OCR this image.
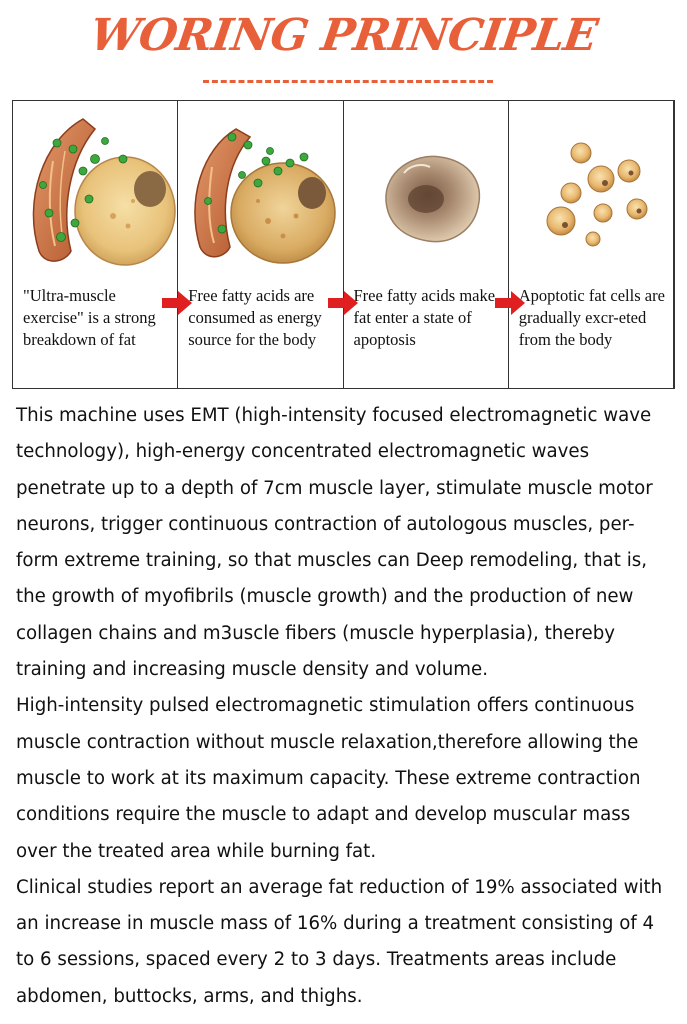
WORING PRINCIPLE
"Ultra-muscle exercise" is a strong breakdown of fat
Free fatty acids are consumed as energy source for the body
Free fatty acids make fat enter a state of apoptosis
Apoptotic fat cells are gradually excr-eted from the body

This machine uses EMT (high-intensity focused electromagnetic wave technology), high-energy concentrated electromagnetic waves penetrate up to a depth of 7cm muscle layer, stimulate muscle motor neurons, trigger continuous contraction of autologous muscles, per-form extreme training, so that muscles can Deep remodeling, that is, the growth of myofibrils (muscle growth) and the production of new collagen chains and m3uscle fibers (muscle hyperplasia), thereby training and increasing muscle density and volume.

High-intensity pulsed electromagnetic stimulation offers continuous muscle contraction without muscle relaxation,therefore allowing the muscle to work at its maximum capacity. These extreme contraction conditions require the muscle to adapt and develop muscular mass over the treated area while burning fat.

Clinical studies report an average fat reduction of 19% associated with an increase in muscle mass of 16% during a treatment consisting of 4 to 6 sessions, spaced every 2 to 3 days. Treatments areas include abdomen, buttocks, arms, and thighs.
